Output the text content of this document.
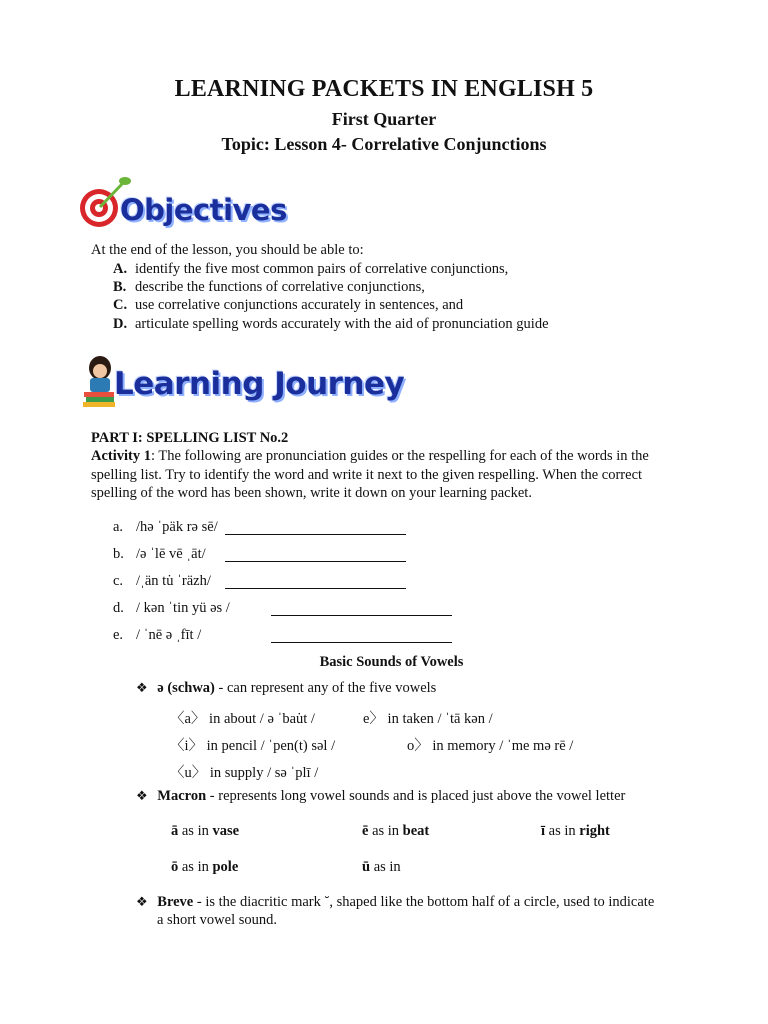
LEARNING PACKETS IN ENGLISH 5
First Quarter
Topic: Lesson 4- Correlative Conjunctions
Objectives
At the end of the lesson, you should be able to:
A. identify the five most common pairs of correlative conjunctions,
B. describe the functions of correlative conjunctions,
C. use correlative conjunctions accurately in sentences, and
D. articulate spelling words accurately with the aid of pronunciation guide
Learning Journey
PART I: SPELLING LIST No.2
Activity 1: The following are pronunciation guides or the respelling for each of the words in the spelling list. Try to identify the word and write it next to the given respelling. When the correct spelling of the word has been shown, write it down on your learning packet.
a. /hə ˈpäk rə sē/
b. /ə ˈlē vē ˌāt/
c. /ˌän tu̇ ˈräzh/
d. / kən ˈtin yü əs /
e. / ˈnē ə ˌfīt /
Basic Sounds of Vowels
❖ ə (schwa) - can represent any of the five vowels
〈a〉 in about / ə ˈbau̇t /	e〉 in taken / ˈtā kən /
〈i〉 in pencil / ˈpen(t) səl /	o〉 in memory / ˈme mə rē /
〈u〉 in supply / sə ˈplī /
❖ Macron - represents long vowel sounds and is placed just above the vowel letter
ā as in vase	ē as in beat	ī as in right
ō as in pole	ū as in
❖ Breve - is the diacritic mark ˘, shaped like the bottom half of a circle, used to indicate
a short vowel sound.
